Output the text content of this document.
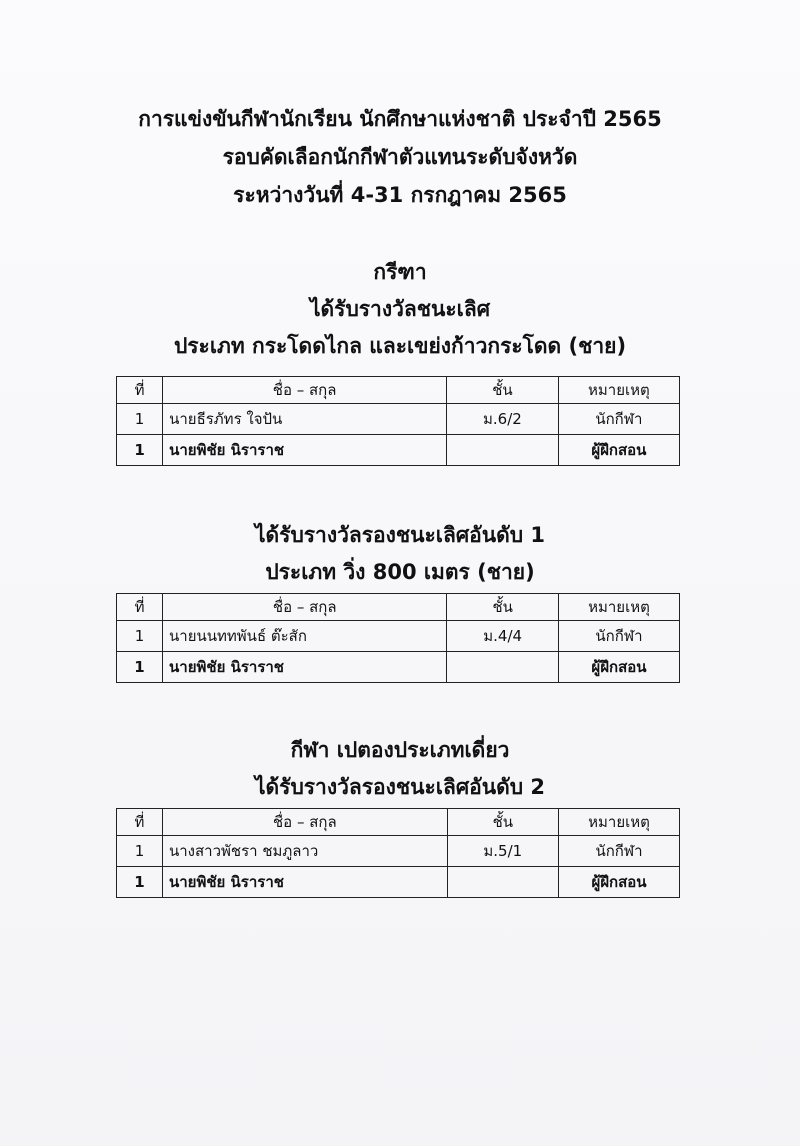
การแข่งขันกีฬานักเรียน นักศึกษาแห่งชาติ ประจำปี 2565
รอบคัดเลือกนักกีฬาตัวแทนระดับจังหวัด
ระหว่างวันที่ 4-31 กรกฎาคม 2565
กรีฑา
ได้รับรางวัลชนะเลิศ
ประเภท กระโดดไกล และเขย่งก้าวกระโดด (ชาย)
ที่	ชื่อ – สกุล	ชั้น	หมายเหตุ
1	นายธีรภัทร ใจปัน	ม.6/2	นักกีฬา
1	นายพิชัย นิราราช		ผู้ฝึกสอน
ได้รับรางวัลรองชนะเลิศอันดับ 1
ประเภท วิ่ง 800 เมตร (ชาย)
ที่	ชื่อ – สกุล	ชั้น	หมายเหตุ
1	นายนนททพันธ์ ต๊ะสัก	ม.4/4	นักกีฬา
1	นายพิชัย นิราราช		ผู้ฝึกสอน
กีฬา เปตองประเภทเดี่ยว
ได้รับรางวัลรองชนะเลิศอันดับ 2
ที่	ชื่อ – สกุล	ชั้น	หมายเหตุ
1	นางสาวพัชรา ชมภูลาว	ม.5/1	นักกีฬา
1	นายพิชัย นิราราช		ผู้ฝึกสอน
